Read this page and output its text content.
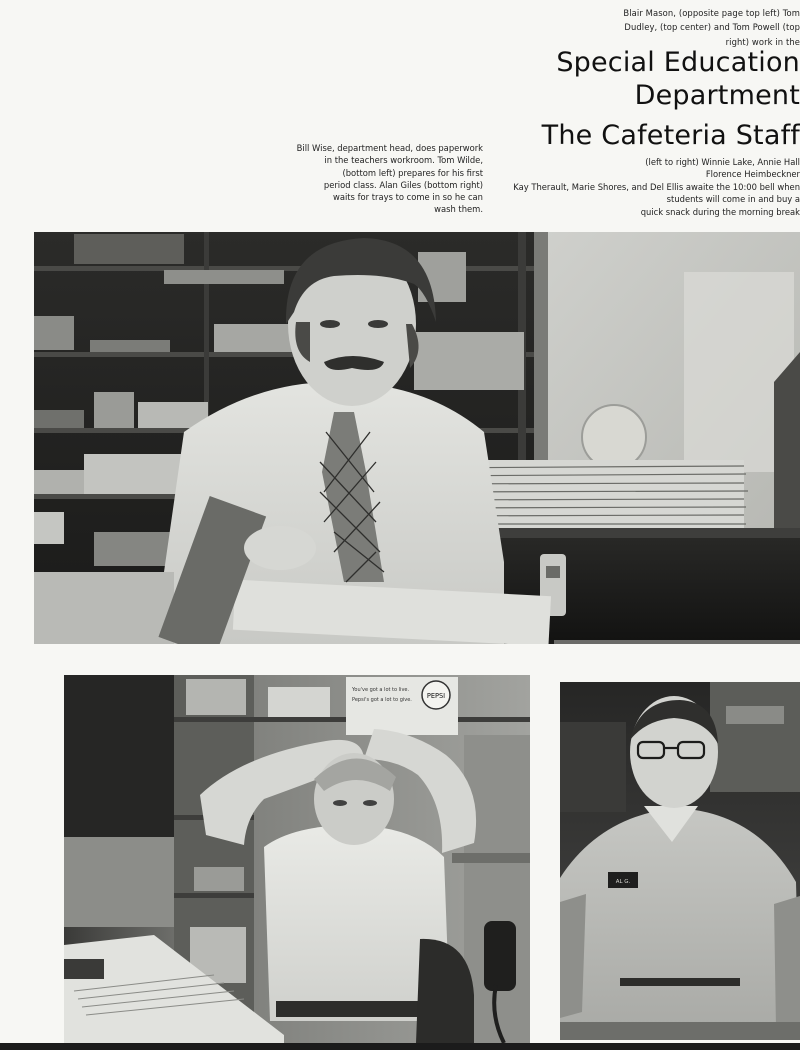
Blair Mason, (opposite page top left) Tom
Dudley, (top center) and Tom Powell (top
right) work in the
Special Education
Department
The Cafeteria Staff
Bill Wise, department head, does paperwork
in the teachers workroom. Tom Wilde,
(bottom left) prepares for his first
period class. Alan Giles (bottom right)
waits for trays to come in so he can
wash them.
(left to right) Winnie Lake, Annie Hall
Florence Heimbeckner
Kay Therault, Marie Shores, and Del Ellis awaite the 10:00 bell when
students will come in and buy a
quick snack during the morning break
PEPSI
You've got a lot to live.
Pepsi's got a lot to give.
AL G.
